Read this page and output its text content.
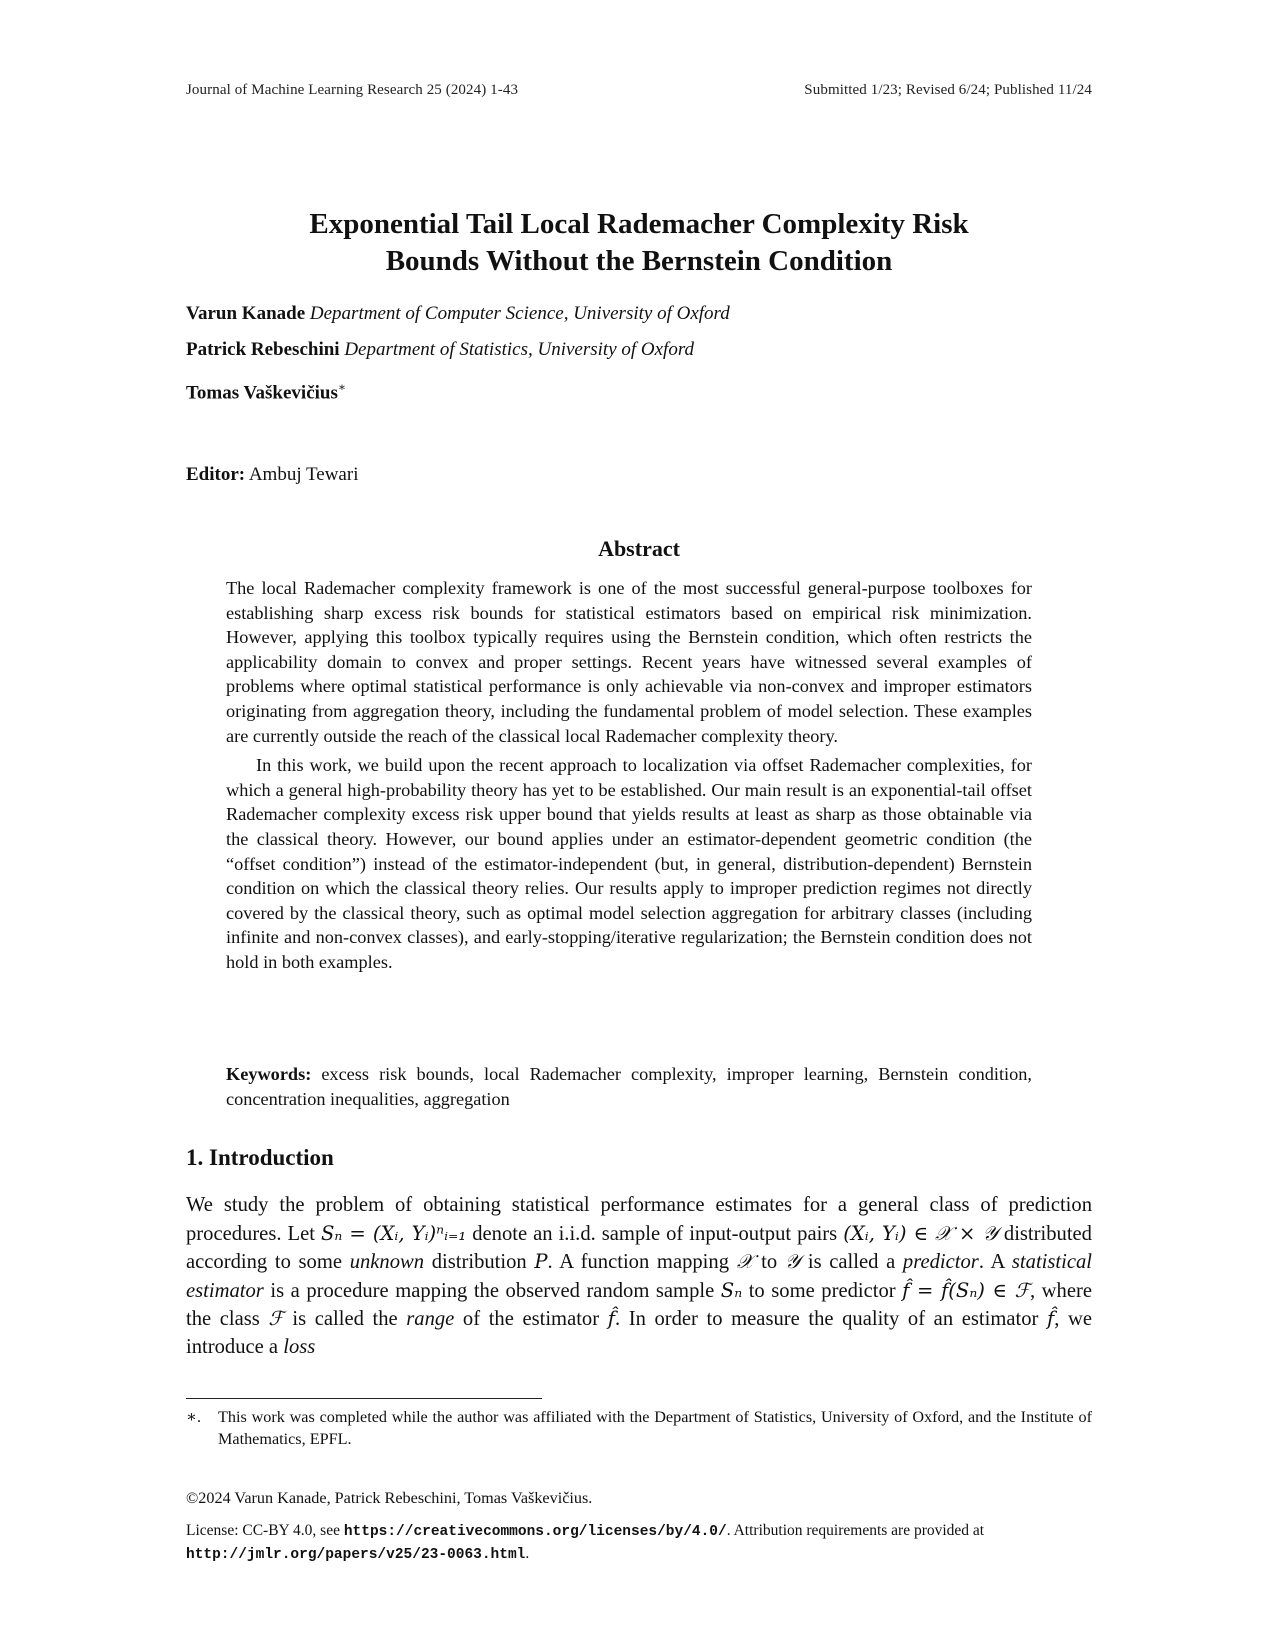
Journal of Machine Learning Research 25 (2024) 1-43	Submitted 1/23; Revised 6/24; Published 11/24
Exponential Tail Local Rademacher Complexity Risk
Bounds Without the Bernstein Condition
Varun Kanade Department of Computer Science, University of Oxford
Patrick Rebeschini Department of Statistics, University of Oxford
Tomas Vaškevičius∗
Editor: Ambuj Tewari
Abstract

The local Rademacher complexity framework is one of the most successful general-purpose toolboxes for establishing sharp excess risk bounds for statistical estimators based on empirical risk minimization. However, applying this toolbox typically requires using the Bernstein condition, which often restricts the applicability domain to convex and proper settings. Recent years have witnessed several examples of problems where optimal statistical performance is only achievable via non-convex and improper estimators originating from aggregation theory, including the fundamental problem of model selection. These examples are currently outside the reach of the classical local Rademacher complexity theory.

In this work, we build upon the recent approach to localization via offset Rademacher complexities, for which a general high-probability theory has yet to be established. Our main result is an exponential-tail offset Rademacher complexity excess risk upper bound that yields results at least as sharp as those obtainable via the classical theory. However, our bound applies under an estimator-dependent geometric condition (the “offset condition”) instead of the estimator-independent (but, in general, distribution-dependent) Bernstein condition on which the classical theory relies. Our results apply to improper prediction regimes not directly covered by the classical theory, such as optimal model selection aggregation for arbitrary classes (including infinite and non-convex classes), and early-stopping/iterative regularization; the Bernstein condition does not hold in both examples.

Keywords: excess risk bounds, local Rademacher complexity, improper learning, Bernstein condition, concentration inequalities, aggregation
1. Introduction
We study the problem of obtaining statistical performance estimates for a general class of prediction procedures. Let Sₙ = (Xᵢ, Yᵢ)ⁿᵢ₌₁ denote an i.i.d. sample of input-output pairs (Xᵢ, Yᵢ) ∈ 𝒳 × 𝒴 distributed according to some unknown distribution P. A function mapping 𝒳 to 𝒴 is called a predictor. A statistical estimator is a procedure mapping the observed random sample Sₙ to some predictor f̂ = f̂(Sₙ) ∈ ℱ, where the class ℱ is called the range of the estimator f̂. In order to measure the quality of an estimator f̂, we introduce a loss
∗.	This work was completed while the author was affiliated with the Department of Statistics, University of Oxford, and the Institute of Mathematics, EPFL.
©2024 Varun Kanade, Patrick Rebeschini, Tomas Vaškevičius.
License: CC-BY 4.0, see https://creativecommons.org/licenses/by/4.0/. Attribution requirements are provided at http://jmlr.org/papers/v25/23-0063.html.
